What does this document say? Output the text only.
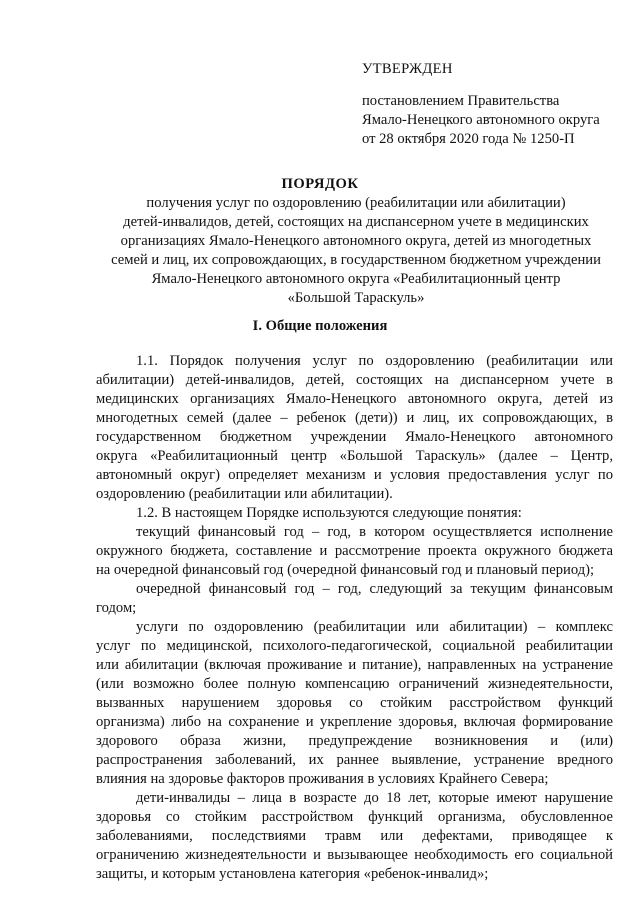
УТВЕРЖДЕН
постановлением Правительства
Ямало-Ненецкого автономного округа
от 28 октября 2020 года № 1250-П
ПОРЯДОК
получения услуг по оздоровлению (реабилитации или абилитации)
детей-инвалидов, детей, состоящих на диспансерном учете в медицинских
организациях Ямало-Ненецкого автономного округа, детей из многодетных
семей и лиц, их сопровождающих, в государственном бюджетном учреждении
Ямало-Ненецкого автономного округа «Реабилитационный центр
«Большой Тараскуль»
I. Общие положения
1.1. Порядок получения услуг по оздоровлению (реабилитации или
абилитации) детей-инвалидов, детей, состоящих на диспансерном учете в
медицинских организациях Ямало-Ненецкого автономного округа, детей из
многодетных семей (далее – ребенок (дети)) и лиц, их сопровождающих, в
государственном бюджетном учреждении Ямало-Ненецкого автономного
округа «Реабилитационный центр «Большой Тараскуль» (далее – Центр,
автономный округ) определяет механизм и условия предоставления услуг по
оздоровлению (реабилитации или абилитации).
1.2. В настоящем Порядке используются следующие понятия:
текущий финансовый год – год, в котором осуществляется исполнение
окружного бюджета, составление и рассмотрение проекта окружного бюджета
на очередной финансовый год (очередной финансовый год и плановый период);
очередной финансовый год – год, следующий за текущим финансовым
годом;
услуги по оздоровлению (реабилитации или абилитации) – комплекс
услуг по медицинской, психолого-педагогической, социальной реабилитации
или абилитации (включая проживание и питание), направленных на устранение
(или возможно более полную компенсацию ограничений жизнедеятельности,
вызванных нарушением здоровья со стойким расстройством функций
организма) либо на сохранение и укрепление здоровья, включая формирование
здорового образа жизни, предупреждение возникновения и (или)
распространения заболеваний, их раннее выявление, устранение вредного
влияния на здоровье факторов проживания в условиях Крайнего Севера;
дети-инвалиды – лица в возрасте до 18 лет, которые имеют нарушение
здоровья со стойким расстройством функций организма, обусловленное
заболеваниями, последствиями травм или дефектами, приводящее к
ограничению жизнедеятельности и вызывающее необходимость его социальной
защиты, и которым установлена категория «ребенок-инвалид»;
